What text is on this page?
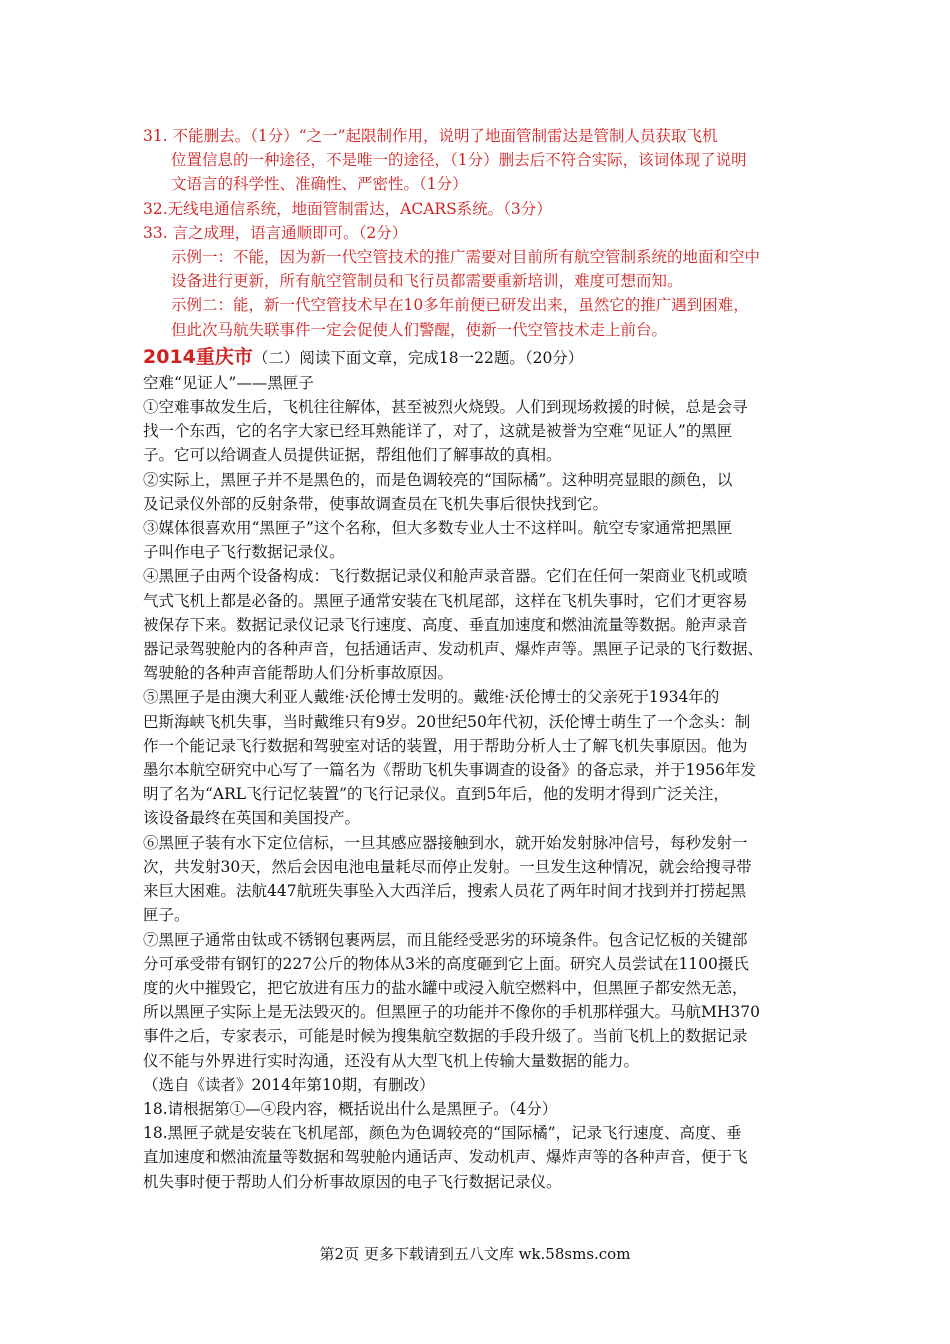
31. 不能删去。（1分）“之一”起限制作用，说明了地面管制雷达是管制人员获取飞机
位置信息的一种途径，不是唯一的途径，（1分）删去后不符合实际，该词体现了说明
文语言的科学性、准确性、严密性。（1分）
32.无线电通信系统，地面管制雷达，ACARS系统。（3分）
33. 言之成理，语言通顺即可。（2分）
示例一：不能，因为新一代空管技术的推广需要对目前所有航空管制系统的地面和空中
设备进行更新，所有航空管制员和飞行员都需要重新培训，难度可想而知。
示例二：能，新一代空管技术早在10多年前便已研发出来，虽然它的推广遇到困难，
但此次马航失联事件一定会促使人们警醒，使新一代空管技术走上前台。
2014重庆市（二）阅读下面文章，完成18一22题。（20分）
空难“见证人”——黑匣子
①空难事故发生后，飞机往往解体，甚至被烈火烧毁。人们到现场救援的时候，总是会寻
找一个东西，它的名字大家已经耳熟能详了，对了，这就是被誉为空难“见证人”的黑匣
子。它可以给调查人员提供证据，帮组他们了解事故的真相。
②实际上，黑匣子并不是黑色的，而是色调较亮的“国际橘”。这种明亮显眼的颜色，以
及记录仪外部的反射条带，使事故调查员在飞机失事后很快找到它。
③媒体很喜欢用“黑匣子”这个名称，但大多数专业人士不这样叫。航空专家通常把黑匣
子叫作电子飞行数据记录仪。
④黑匣子由两个设备构成：飞行数据记录仪和舱声录音器。它们在任何一架商业飞机或喷
气式飞机上都是必备的。黑匣子通常安装在飞机尾部，这样在飞机失事时，它们才更容易
被保存下来。数据记录仪记录飞行速度、高度、垂直加速度和燃油流量等数据。舱声录音
器记录驾驶舱内的各种声音，包括通话声、发动机声、爆炸声等。黑匣子记录的飞行数据、
驾驶舱的各种声音能帮助人们分析事故原因。
⑤黑匣子是由澳大利亚人戴维·沃伦博士发明的。戴维·沃伦博士的父亲死于1934年的
巴斯海峡飞机失事，当时戴维只有9岁。20世纪50年代初，沃伦博士萌生了一个念头：制
作一个能记录飞行数据和驾驶室对话的装置，用于帮助分析人士了解飞机失事原因。他为
墨尔本航空研究中心写了一篇名为《帮助飞机失事调查的设备》的备忘录，并于1956年发
明了名为“ARL飞行记忆装置”的飞行记录仪。直到5年后，他的发明才得到广泛关注，
该设备最终在英国和美国投产。
⑥黑匣子装有水下定位信标，一旦其感应器接触到水，就开始发射脉冲信号，每秒发射一
次，共发射30天，然后会因电池电量耗尽而停止发射。一旦发生这种情况，就会给搜寻带
来巨大困难。法航447航班失事坠入大西洋后，搜索人员花了两年时间才找到并打捞起黑
匣子。
⑦黑匣子通常由钛或不锈钢包裹两层，而且能经受恶劣的环境条件。包含记忆板的关键部
分可承受带有钢钉的227公斤的物体从3米的高度砸到它上面。研究人员尝试在1100摄氏
度的火中摧毁它，把它放进有压力的盐水罐中或浸入航空燃料中，但黑匣子都安然无恙，
所以黑匣子实际上是无法毁灭的。但黑匣子的功能并不像你的手机那样强大。马航MH370
事件之后，专家表示，可能是时候为搜集航空数据的手段升级了。当前飞机上的数据记录
仪不能与外界进行实时沟通，还没有从大型飞机上传输大量数据的能力。
（选自《读者》2014年第10期，有删改）
18.请根据第①—④段内容，概括说出什么是黑匣子。（4分）
18.黑匣子就是安装在飞机尾部，颜色为色调较亮的“国际橘”，记录飞行速度、高度、垂
直加速度和燃油流量等数据和驾驶舱内通话声、发动机声、爆炸声等的各种声音，便于飞
机失事时便于帮助人们分析事故原因的电子飞行数据记录仪。
第2页 更多下载请到五八文库 wk.58sms.com
